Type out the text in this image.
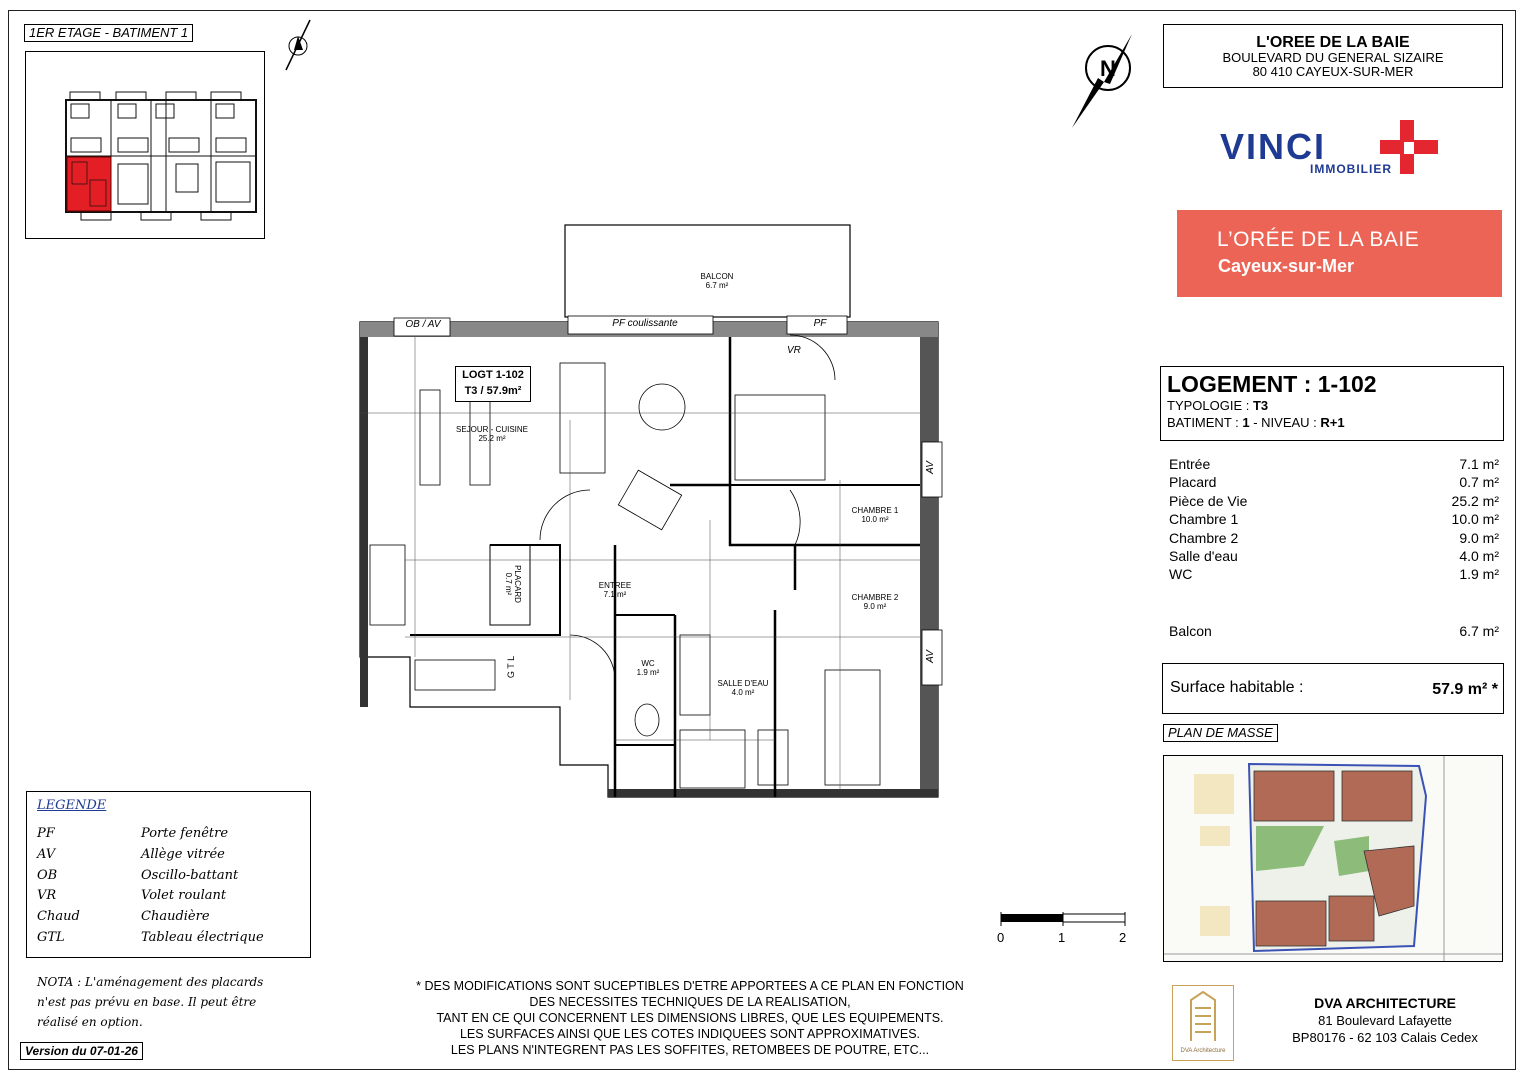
1ER ETAGE - BATIMENT 1
N
L'OREE DE LA BAIE
BOULEVARD DU GENERAL SIZAIRE
80 410 CAYEUX-SUR-MER
VINCI
IMMOBILIER
L’ORÉE DE LA BAIE
Cayeux-sur-Mer
LOGEMENT : 1-102
TYPOLOGIE : T3
BATIMENT : 1 - NIVEAU : R+1
Entrée	7.1 m²
Placard	0.7 m²
Pièce de Vie	25.2 m²
Chambre 1	10.0 m²
Chambre 2	9.0 m²
Salle d'eau	4.0 m²
WC	1.9 m²
Balcon	6.7 m²
Surface habitable :	57.9 m² *
PLAN DE MASSE
OB / AV	PF coulissante	PF
VR
AV
AV
G T L
LOGT 1-102
T3 / 57.9m²
BALCON
6.7 m²
SEJOUR - CUISINE
25.2 m²
CHAMBRE 1
10.0 m²
CHAMBRE 2
9.0 m²
ENTREE
7.1 m²
WC
1.9 m²
SALLE D'EAU
4.0 m²
PLACARD
0.7 m²
0	1	2
LEGENDE
PF	Porte fenêtre
AV	Allège vitrée
OB	Oscillo-battant
VR	Volet roulant
Chaud	Chaudière
GTL	Tableau électrique
NOTA : L'aménagement des placards
n'est pas prévu en base. Il peut être
réalisé en option.
Version du 07-01-26
* DES MODIFICATIONS SONT SUCEPTIBLES D'ETRE APPORTEES A CE PLAN EN FONCTION
DES NECESSITES TECHNIQUES DE LA REALISATION,
TANT EN CE QUI CONCERNENT LES DIMENSIONS LIBRES, QUE LES EQUIPEMENTS.
LES SURFACES AINSI QUE LES COTES INDIQUEES SONT APPROXIMATIVES.
LES PLANS N'INTEGRENT PAS LES SOFFITES, RETOMBEES DE POUTRE, ETC...	DVA Architecture
DVA ARCHITECTURE
81 Boulevard Lafayette
BP80176 - 62 103 Calais Cedex
